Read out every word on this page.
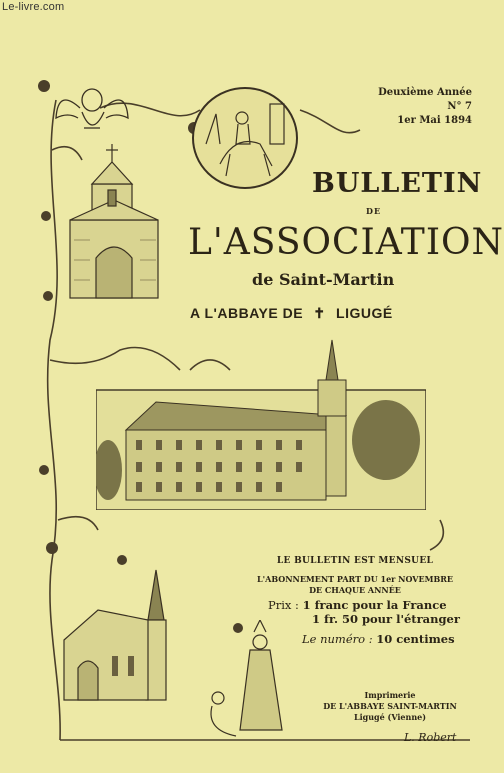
Le-livre.com
Deuxième Année
N° 7
1er Mai 1894
BULLETIN
DE
L'ASSOCIATION
de Saint-Martin
A L'ABBAYE DE ✝ LIGUGÉ
LE BULLETIN EST MENSUEL
L'ABONNEMENT PART DU 1er NOVEMBRE
DE CHAQUE ANNÉE
Prix : 1 franc pour la France
1 fr. 50 pour l'étranger
Le numéro : 10 centimes
Imprimerie
DE L'ABBAYE SAINT-MARTIN
Ligugé (Vienne)
L. Robert
